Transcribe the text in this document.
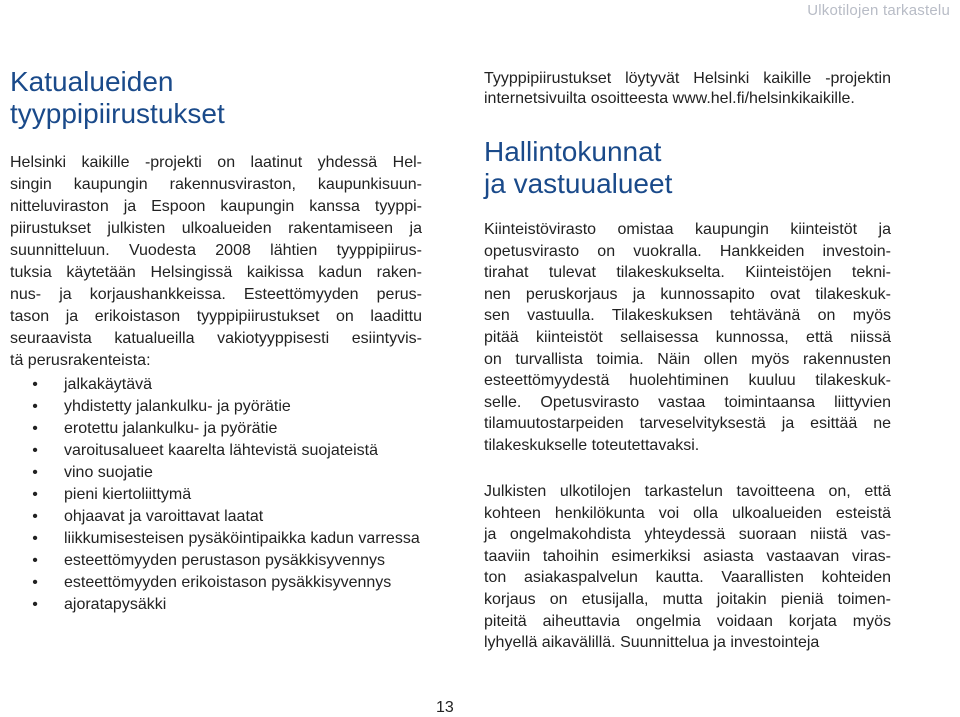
Ulkotilojen tarkastelu
Katualueiden
tyyppipiirustukset
Helsinki kaikille -projekti on laatinut yhdessä Hel-
singin kaupungin rakennusviraston, kaupunkisuun-
nitteluviraston ja Espoon kaupungin kanssa tyyppi-
piirustukset julkisten ulkoalueiden rakentamiseen ja
suunnitteluun. Vuodesta 2008 lähtien tyyppipiirus-
tuksia käytetään Helsingissä kaikissa kadun raken-
nus- ja korjaushankkeissa. Esteettömyyden perus-
tason ja erikoistason tyyppipiirustukset on laadittu
seuraavista katualueilla vakiotyyppisesti esiintyvis-
tä perusrakenteista:
• jalkakäytävä
• yhdistetty jalankulku- ja pyörätie
• erotettu jalankulku- ja pyörätie
• varoitusalueet kaarelta lähtevistä suojateistä
• vino suojatie
• pieni kiertoliittymä
• ohjaavat ja varoittavat laatat
• liikkumisesteisen pysäköintipaikka kadun varressa
• esteettömyyden perustason pysäkkisyvennys
• esteettömyyden erikoistason pysäkkisyvennys
• ajoratapysäkki
Tyyppipiirustukset löytyvät Helsinki kaikille -projektin
internetsivuilta osoitteesta www.hel.fi/helsinkikaikille.
Hallintokunnat
ja vastuualueet
Kiinteistövirasto omistaa kaupungin kiinteistöt ja
opetusvirasto on vuokralla. Hankkeiden investoin-
tirahat tulevat tilakeskukselta. Kiinteistöjen tekni-
nen peruskorjaus ja kunnossapito ovat tilakeskuk-
sen vastuulla. Tilakeskuksen tehtävänä on myös
pitää kiinteistöt sellaisessa kunnossa, että niissä
on turvallista toimia. Näin ollen myös rakennusten
esteettömyydestä huolehtiminen kuuluu tilakeskuk-
selle. Opetusvirasto vastaa toimintaansa liittyvien
tilamuutostarpeiden tarveselvityksestä ja esittää ne
tilakeskukselle toteutettavaksi.
Julkisten ulkotilojen tarkastelun tavoitteena on, että
kohteen henkilökunta voi olla ulkoalueiden esteistä
ja ongelmakohdista yhteydessä suoraan niistä vas-
taaviin tahoihin esimerkiksi asiasta vastaavan viras-
ton asiakaspalvelun kautta. Vaarallisten kohteiden
korjaus on etusijalla, mutta joitakin pieniä toimen-
piteitä aiheuttavia ongelmia voidaan korjata myös
lyhyellä aikavälillä. Suunnittelua ja investointeja
13
